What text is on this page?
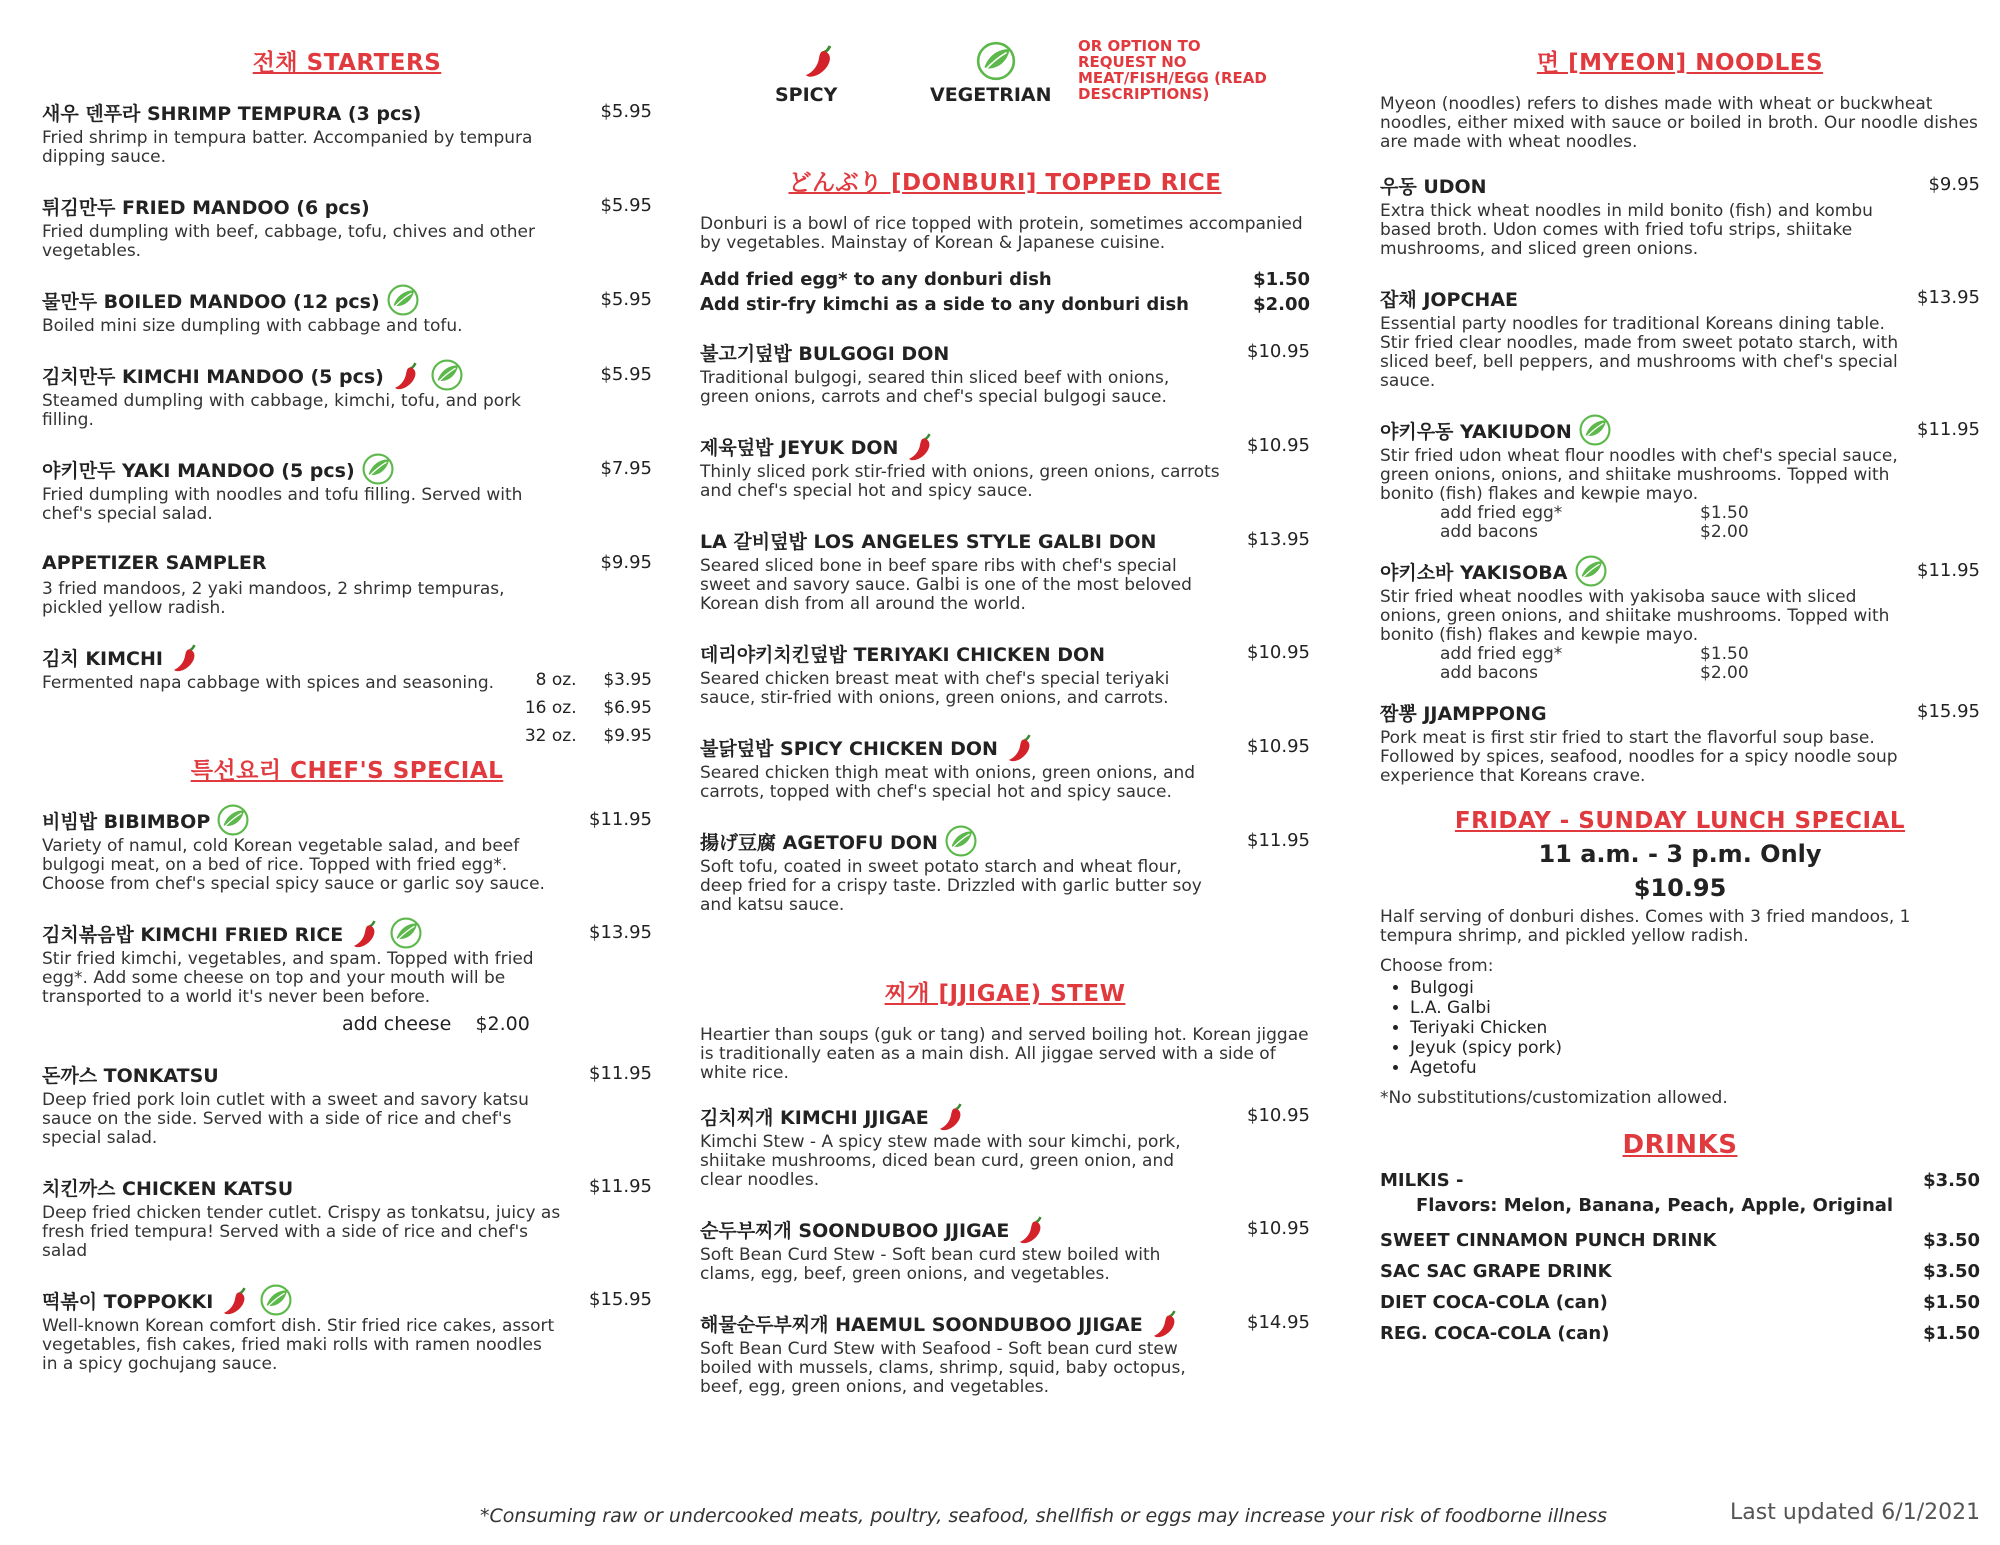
SPICY	VEGETRIAN
OR OPTION TO REQUEST NO MEAT/FISH/EGG (READ DESCRIPTIONS)
전채 STARTERS
새우 덴푸라 SHRIMP TEMPURA (3 pcs)	$5.95
Fried shrimp in tempura batter. Accompanied by tempura dipping sauce.
튀김만두 FRIED MANDOO (6 pcs)	$5.95
Fried dumpling with beef, cabbage, tofu, chives and other vegetables.
물만두 BOILED MANDOO (12 pcs)	$5.95
Boiled mini size dumpling with cabbage and tofu.
김치만두 KIMCHI MANDOO (5 pcs)	$5.95
Steamed dumpling with cabbage, kimchi, tofu, and pork filling.
야키만두 YAKI MANDOO (5 pcs)	$7.95
Fried dumpling with noodles and tofu filling. Served with chef's special salad.
APPETIZER SAMPLER	$9.95
3 fried mandoos, 2 yaki mandoos, 2 shrimp tempuras, pickled yellow radish.
김치 KIMCHI
8 oz. $3.95
16 oz. $6.95
32 oz. $9.95
Fermented napa cabbage with spices and seasoning.
특선요리 CHEF'S SPECIAL
비빔밥 BIBIMBOP	$11.95
Variety of namul, cold Korean vegetable salad, and beef bulgogi meat, on a bed of rice. Topped with fried egg*. Choose from chef's special spicy sauce or garlic soy sauce.
김치볶음밥 KIMCHI FRIED RICE	$13.95
Stir fried kimchi, vegetables, and spam. Topped with fried egg*. Add some cheese on top and your mouth will be transported to a world it's never been before.
add cheese $2.00
돈까스 TONKATSU	$11.95
Deep fried pork loin cutlet with a sweet and savory katsu sauce on the side. Served with a side of rice and chef's special salad.
치킨까스 CHICKEN KATSU	$11.95
Deep fried chicken tender cutlet. Crispy as tonkatsu, juicy as fresh fried tempura! Served with a side of rice and chef's salad
떡볶이 TOPPOKKI	$15.95
Well-known Korean comfort dish. Stir fried rice cakes, assort vegetables, fish cakes, fried maki rolls with ramen noodles in a spicy gochujang sauce.
どんぶり [DONBURI] TOPPED RICE
Donburi is a bowl of rice topped with protein, sometimes accompanied by vegetables. Mainstay of Korean & Japanese cuisine.
Add fried egg* to any donburi dish	$1.50
Add stir-fry kimchi as a side to any donburi dish	$2.00
불고기덮밥 BULGOGI DON	$10.95
Traditional bulgogi, seared thin sliced beef with onions, green onions, carrots and chef's special bulgogi sauce.
제육덮밥 JEYUK DON	$10.95
Thinly sliced pork stir-fried with onions, green onions, carrots and chef's special hot and spicy sauce.
LA 갈비덮밥 LOS ANGELES STYLE GALBI DON	$13.95
Seared sliced bone in beef spare ribs with chef's special sweet and savory sauce. Galbi is one of the most beloved Korean dish from all around the world.
데리야키치킨덮밥 TERIYAKI CHICKEN DON	$10.95
Seared chicken breast meat with chef's special teriyaki sauce, stir-fried with onions, green onions, and carrots.
불닭덮밥 SPICY CHICKEN DON	$10.95
Seared chicken thigh meat with onions, green onions, and carrots, topped with chef's special hot and spicy sauce.
揚げ豆腐 AGETOFU DON	$11.95
Soft tofu, coated in sweet potato starch and wheat flour, deep fried for a crispy taste. Drizzled with garlic butter soy and katsu sauce.
찌개 [JJIGAE) STEW
Heartier than soups (guk or tang) and served boiling hot. Korean jiggae is traditionally eaten as a main dish. All jiggae served with a side of white rice.
김치찌개 KIMCHI JJIGAE	$10.95
Kimchi Stew - A spicy stew made with sour kimchi, pork, shiitake mushrooms, diced bean curd, green onion, and clear noodles.
순두부찌개 SOONDUBOO JJIGAE	$10.95
Soft Bean Curd Stew - Soft bean curd stew boiled with clams, egg, beef, green onions, and vegetables.
해물순두부찌개 HAEMUL SOONDUBOO JJIGAE	$14.95
Soft Bean Curd Stew with Seafood - Soft bean curd stew boiled with mussels, clams, shrimp, squid, baby octopus, beef, egg, green onions, and vegetables.
면 [MYEON] NOODLES
Myeon (noodles) refers to dishes made with wheat or buckwheat noodles, either mixed with sauce or boiled in broth. Our noodle dishes are made with wheat noodles.
우동 UDON	$9.95
Extra thick wheat noodles in mild bonito (fish) and kombu based broth. Udon comes with fried tofu strips, shiitake mushrooms, and sliced green onions.
잡채 JOPCHAE	$13.95
Essential party noodles for traditional Koreans dining table. Stir fried clear noodles, made from sweet potato starch, with sliced beef, bell peppers, and mushrooms with chef's special sauce.
야키우동 YAKIUDON	$11.95
Stir fried udon wheat flour noodles with chef's special sauce, green onions, onions, and shiitake mushrooms. Topped with bonito (fish) flakes and kewpie mayo.
add fried egg*	$1.50
add bacons	$2.00
야키소바 YAKISOBA	$11.95
Stir fried wheat noodles with yakisoba sauce with sliced onions, green onions, and shiitake mushrooms. Topped with bonito (fish) flakes and kewpie mayo.
add fried egg*	$1.50
add bacons	$2.00
짬뽕 JJAMPPONG	$15.95
Pork meat is first stir fried to start the flavorful soup base. Followed by spices, seafood, noodles for a spicy noodle soup experience that Koreans crave.
FRIDAY - SUNDAY LUNCH SPECIAL
11 a.m. - 3 p.m. Only
$10.95
Half serving of donburi dishes. Comes with 3 fried mandoos, 1 tempura shrimp, and pickled yellow radish.
Choose from:
• Bulgogi
• L.A. Galbi
• Teriyaki Chicken
• Jeyuk (spicy pork)
• Agetofu
*No substitutions/customization allowed.
DRINKS
MILKIS -	$3.50
Flavors: Melon, Banana, Peach, Apple, Original
SWEET CINNAMON PUNCH DRINK	$3.50
SAC SAC GRAPE DRINK	$3.50
DIET COCA-COLA (can)	$1.50
REG. COCA-COLA (can)	$1.50
*Consuming raw or undercooked meats, poultry, seafood, shellfish or eggs may increase your risk of foodborne illness	Last updated 6/1/2021
